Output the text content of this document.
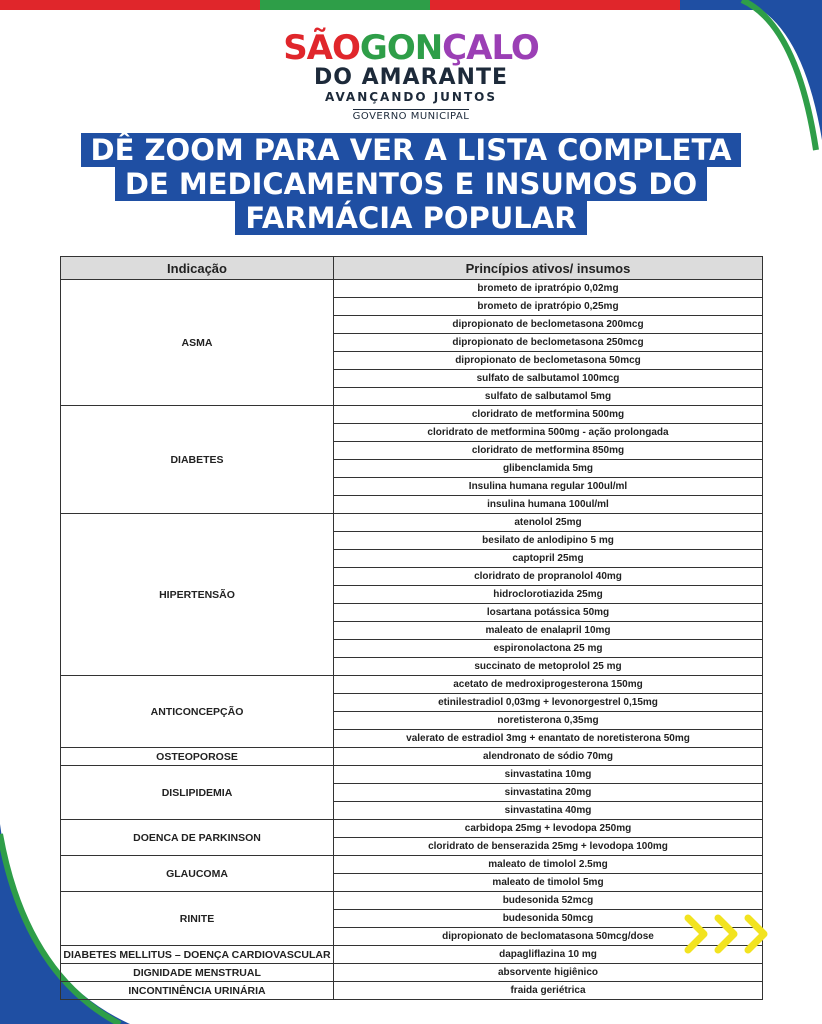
SÃOGONÇALO
DO AMARANTE
AVANÇANDO JUNTOS
GOVERNO MUNICIPAL
DÊ ZOOM PARA VER A LISTA COMPLETA
DE MEDICAMENTOS E INSUMOS DO
FARMÁCIA POPULAR
Indicação	Princípios ativos/ insumos
ASMA	brometo de ipratrópio 0,02mg
	brometo de ipratrópio 0,25mg
	dipropionato de beclometasona 200mcg
	dipropionato de beclometasona 250mcg
	dipropionato de beclometasona 50mcg
	sulfato de salbutamol 100mcg
	sulfato de salbutamol 5mg
DIABETES	cloridrato de metformina 500mg
	cloridrato de metformina 500mg - ação prolongada
	cloridrato de metformina 850mg
	glibenclamida 5mg
	Insulina humana regular 100ul/ml
	insulina humana 100ul/ml
HIPERTENSÃO	atenolol 25mg
	besilato de anlodipino 5 mg
	captopril 25mg
	cloridrato de propranolol 40mg
	hidroclorotiazida 25mg
	losartana potássica 50mg
	maleato de enalapril 10mg
	espironolactona 25 mg
	succinato de metoprolol 25 mg
ANTICONCEPÇÃO	acetato de medroxiprogesterona 150mg
	etinilestradiol 0,03mg + levonorgestrel 0,15mg
	noretisterona 0,35mg
	valerato de estradiol 3mg + enantato de noretisterona 50mg
OSTEOPOROSE	alendronato de sódio 70mg
DISLIPIDEMIA	sinvastatina 10mg
	sinvastatina 20mg
	sinvastatina 40mg
DOENCA DE PARKINSON	carbidopa 25mg + levodopa 250mg
	cloridrato de benserazida 25mg + levodopa 100mg
GLAUCOMA	maleato de timolol 2.5mg
	maleato de timolol 5mg
RINITE	budesonida 52mcg
	budesonida 50mcg
	dipropionato de beclomatasona 50mcg/dose
DIABETES MELLITUS – DOENÇA CARDIOVASCULAR	dapagliflazina 10 mg
DIGNIDADE MENSTRUAL	absorvente higiênico
INCONTINÊNCIA URINÁRIA	fraida geriétrica
